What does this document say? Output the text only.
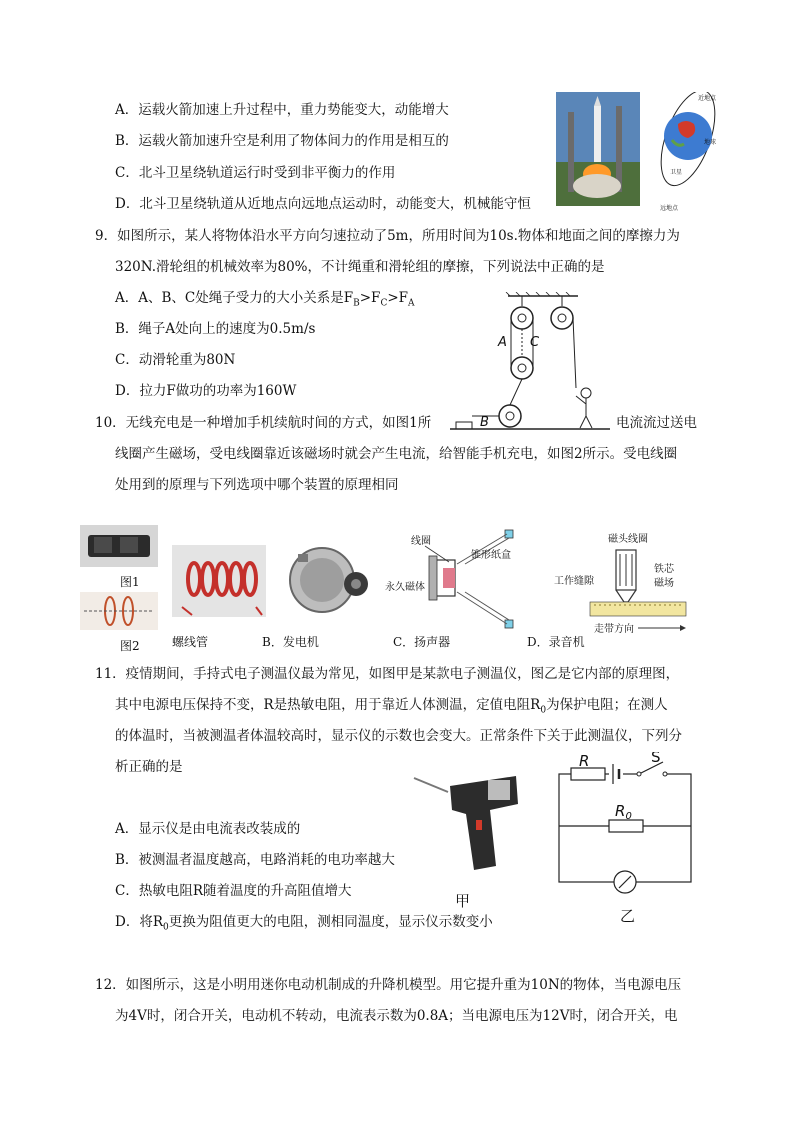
A．运载火箭加速上升过程中，重力势能变大，动能增大
B．运载火箭加速升空是利用了物体间力的作用是相互的
C．北斗卫星绕轨道运行时受到非平衡力的作用
D．北斗卫星绕轨道从近地点向远地点运动时，动能变大，机械能守恒
近地点
地球
卫星
远地点
9．如图所示，某人将物体沿水平方向匀速拉动了5m，所用时间为10s.物体和地面之间的摩擦力为
320N.滑轮组的机械效率为80%，不计绳重和滑轮组的摩擦，下列说法中正确的是
A．A、B、C处绳子受力的大小关系是$F_B>F_C>F_A$
B．绳子A处向上的速度为0.5m/s
C．动滑轮重为80N
D．拉力F做功的功率为160W
A C
B
10．无线充电是一种增加手机续航时间的方式，如图1所	电流流过送电
线圈产生磁场，受电线圈靠近该磁场时就会产生电流，给智能手机充电，如图2所示。受电线圈
处用到的原理与下列选项中哪个装置的原理相同
图1
图2	螺线管	B．发电机
线圈
锥形纸盒
永久磁体
C．扬声器
磁头线圈
工作缝隙
铁芯
磁场
走带方向
D．录音机
11．疫情期间，手持式电子测温仪最为常见，如图甲是某款电子测温仪，图乙是它内部的原理图，
其中电源电压保持不变，R是热敏电阻，用于靠近人体测温，定值电阻$R_0$为保护电阻；在测人
的体温时，当被测温者体温较高时，显示仪的示数也会变大。正常条件下关于此测温仪，下列分
析正确的是
A．显示仪是由电流表改装成的
B．被测温者温度越高，电路消耗的电功率越大
C．热敏电阻R随着温度的升高阻值增大
D．将$R_0$更换为阻值更大的电阻，测相同温度，显示仪示数变小
甲
R	S
$R_0$
乙
12．如图所示，这是小明用迷你电动机制成的升降机模型。用它提升重为10N的物体，当电源电压
为4V时，闭合开关，电动机不转动，电流表示数为0.8A；当电源电压为12V时，闭合开关，电
